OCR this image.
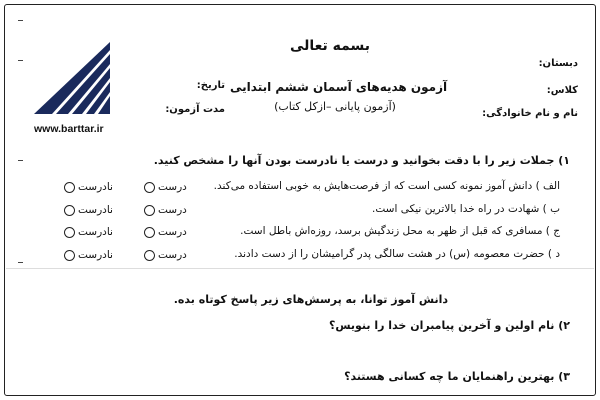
بسمه تعالی
آزمون هدیه‌های آسمان ششم ابتدایی
(آزمون پایانی –ازکل کتاب)
دبستان:
کلاس:
نام و نام خانوادگی:
تاریخ:
مدت آزمون:
www.barttar.ir
۱) جملات زیر را با دقت بخوانید و درست یا نادرست بودن آنها را مشخص کنید.
الف ) دانش آموز نمونه کسی است که از فرصت‌هایش به خوبی استفاده می‌کند.
ب ) شهادت در راه خدا بالاترین نیکی است.
ج ) مسافری که قبل از ظهر به محل زندگیش برسد، روزه‌اش باطل است.
د ) حضرت معصومه (س) در هشت سالگی پدر گرامیشان را از دست دادند.
درست
نادرست
درست
نادرست
درست
نادرست
درست
نادرست
دانش آموز توانا، به پرسش‌های زیر پاسخ کوتاه بده.
۲) نام اولین و آخرین پیامبران خدا را بنویس؟
۳) بهترین راهنمایان ما چه کسانی هستند؟
